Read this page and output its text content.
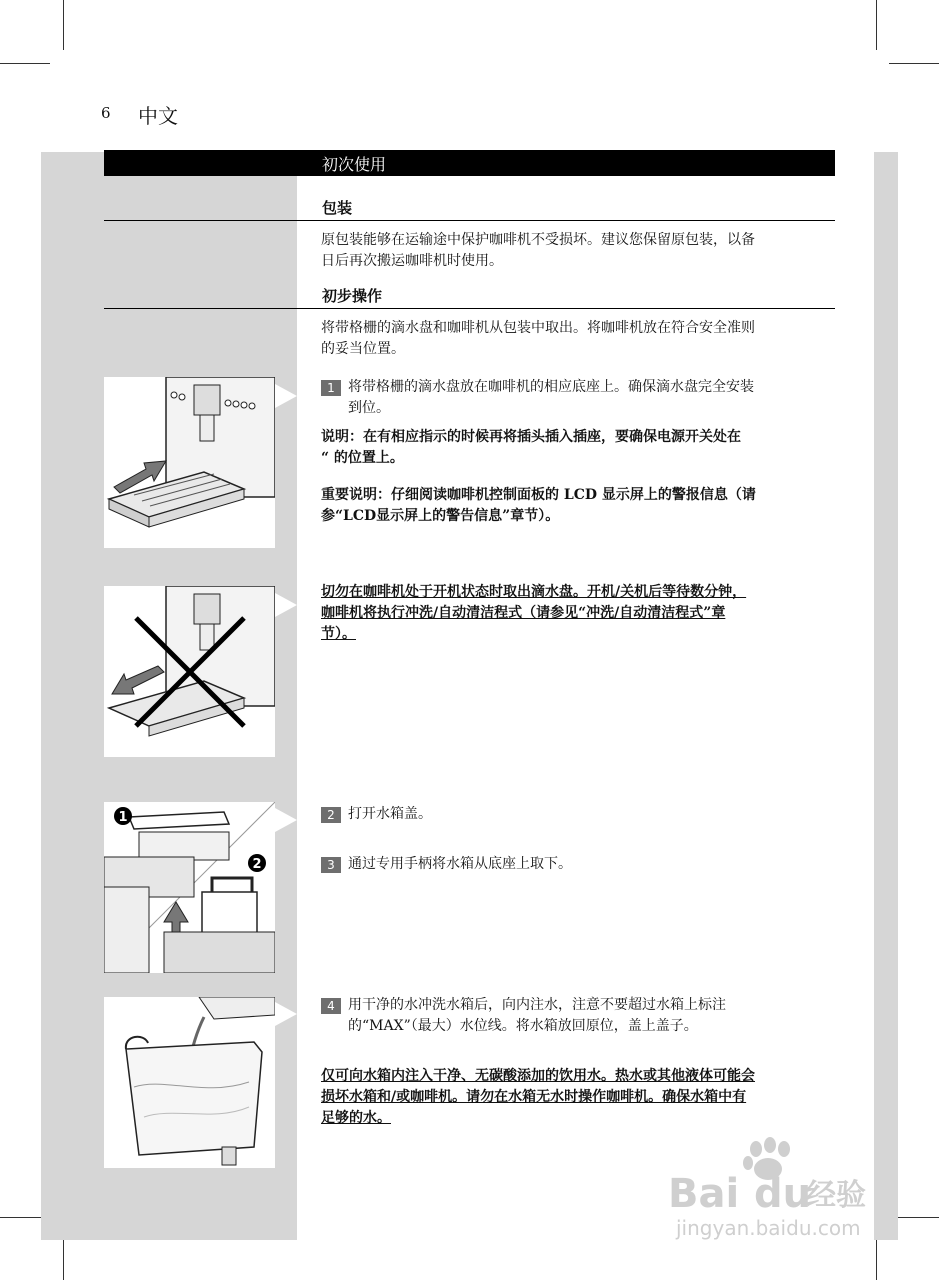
6 中文
初次使用
包装
原包装能够在运输途中保护咖啡机不受损坏。建议您保留原包装，以备
日后再次搬运咖啡机时使用。
初步操作
将带格栅的滴水盘和咖啡机从包装中取出。将咖啡机放在符合安全准则
的妥当位置。
1 将带格栅的滴水盘放在咖啡机的相应底座上。确保滴水盘完全安装
到位。
说明：在有相应指示的时候再将插头插入插座，要确保电源开关处在
“ 的位置上。
重要说明：仔细阅读咖啡机控制面板的 LCD 显示屏上的警报信息（请
参“LCD显示屏上的警告信息”章节）。
切勿在咖啡机处于开机状态时取出滴水盘。开机/关机后等待数分钟，
咖啡机将执行冲洗/自动清洁程式（请参见“冲洗/自动清洁程式”章
节）。
1
2
2 打开水箱盖。
3 通过专用手柄将水箱从底座上取下。
4 用干净的水冲洗水箱后，向内注水，注意不要超过水箱上标注
的“MAX”（最大）水位线。将水箱放回原位，盖上盖子。
仅可向水箱内注入干净、无碳酸添加的饮用水。热水或其他液体可能会
损坏水箱和/或咖啡机。请勿在水箱无水时操作咖啡机。确保水箱中有
足够的水。
Bai du
经验
jingyan.baidu.com
